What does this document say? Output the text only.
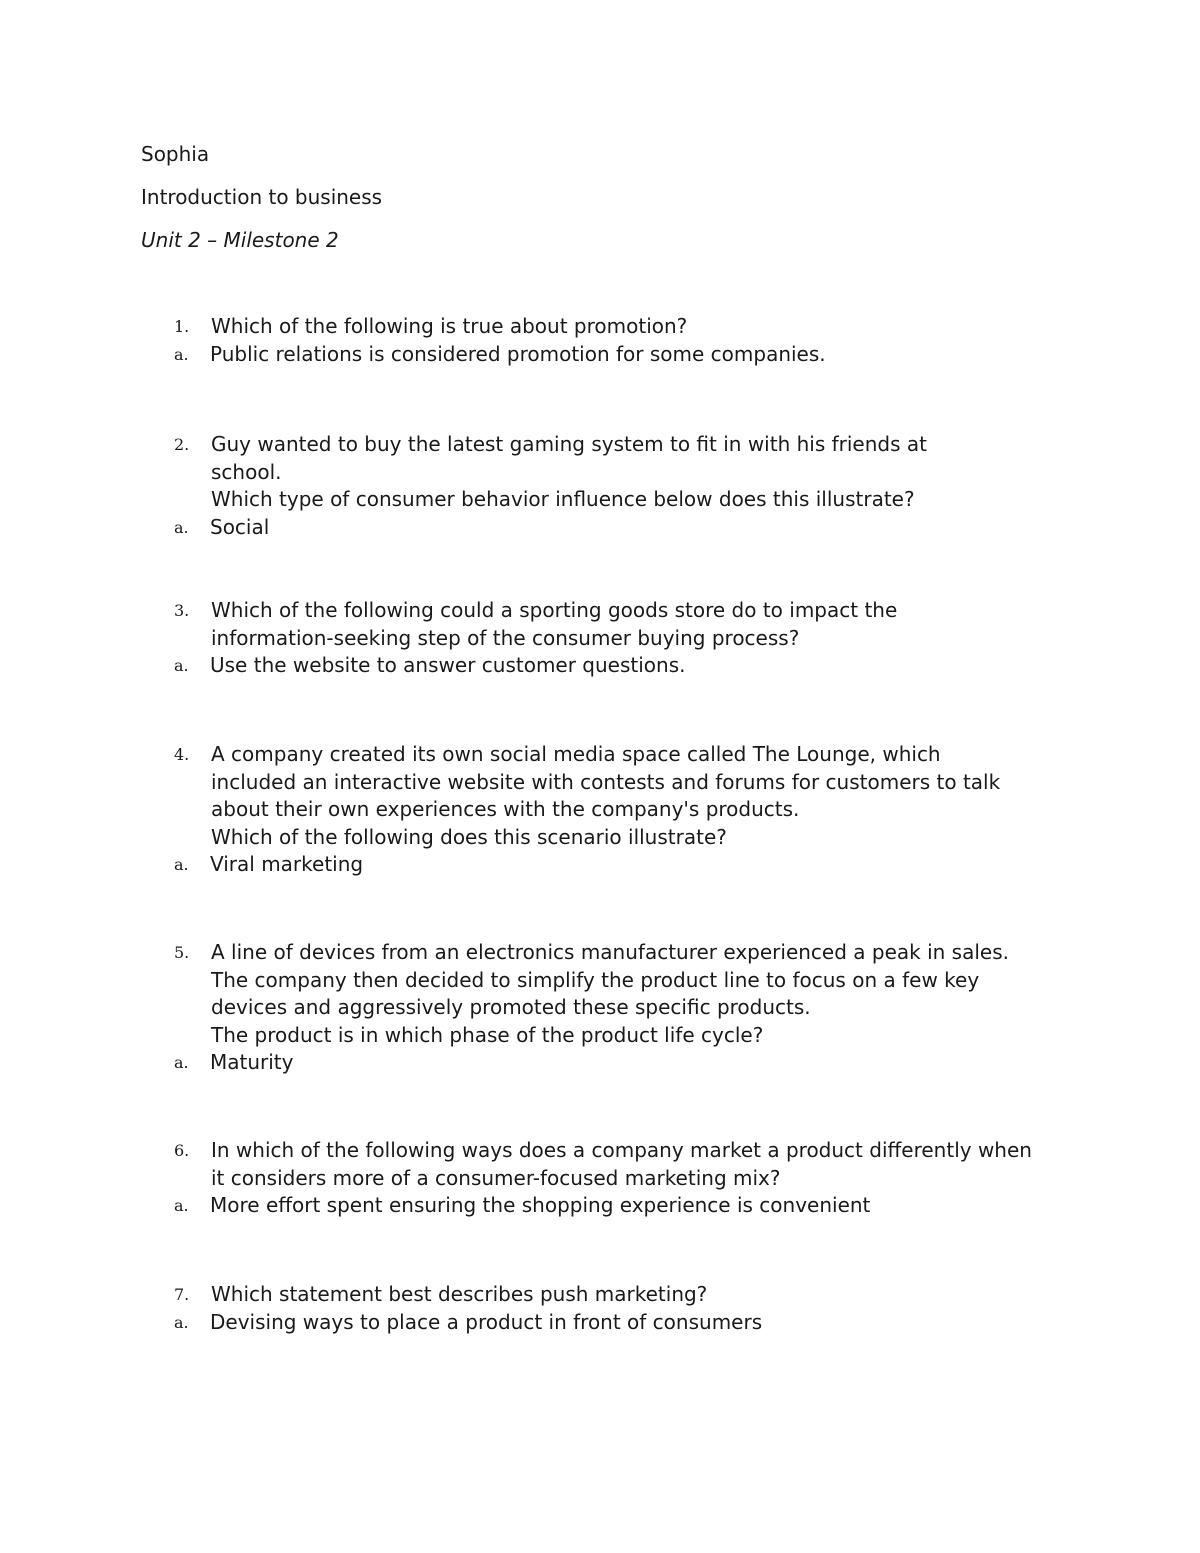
Sophia
Introduction to business
Unit 2 – Milestone 2
1. Which of the following is true about promotion?

a. Public relations is considered promotion for some companies.
2. Guy wanted to buy the latest gaming system to fit in with his friends at school.

Which type of consumer behavior influence below does this illustrate?

a. Social
3. Which of the following could a sporting goods store do to impact the information-seeking step of the consumer buying process?

a. Use the website to answer customer questions.
4. A company created its own social media space called The Lounge, which included an interactive website with contests and forums for customers to talk about their own experiences with the company's products.

Which of the following does this scenario illustrate?

a. Viral marketing
5. A line of devices from an electronics manufacturer experienced a peak in sales. The company then decided to simplify the product line to focus on a few key devices and aggressively promoted these specific products.

The product is in which phase of the product life cycle?

a. Maturity
6. In which of the following ways does a company market a product differently when it considers more of a consumer-focused marketing mix?

a. More effort spent ensuring the shopping experience is convenient
7. Which statement best describes push marketing?

a. Devising ways to place a product in front of consumers
